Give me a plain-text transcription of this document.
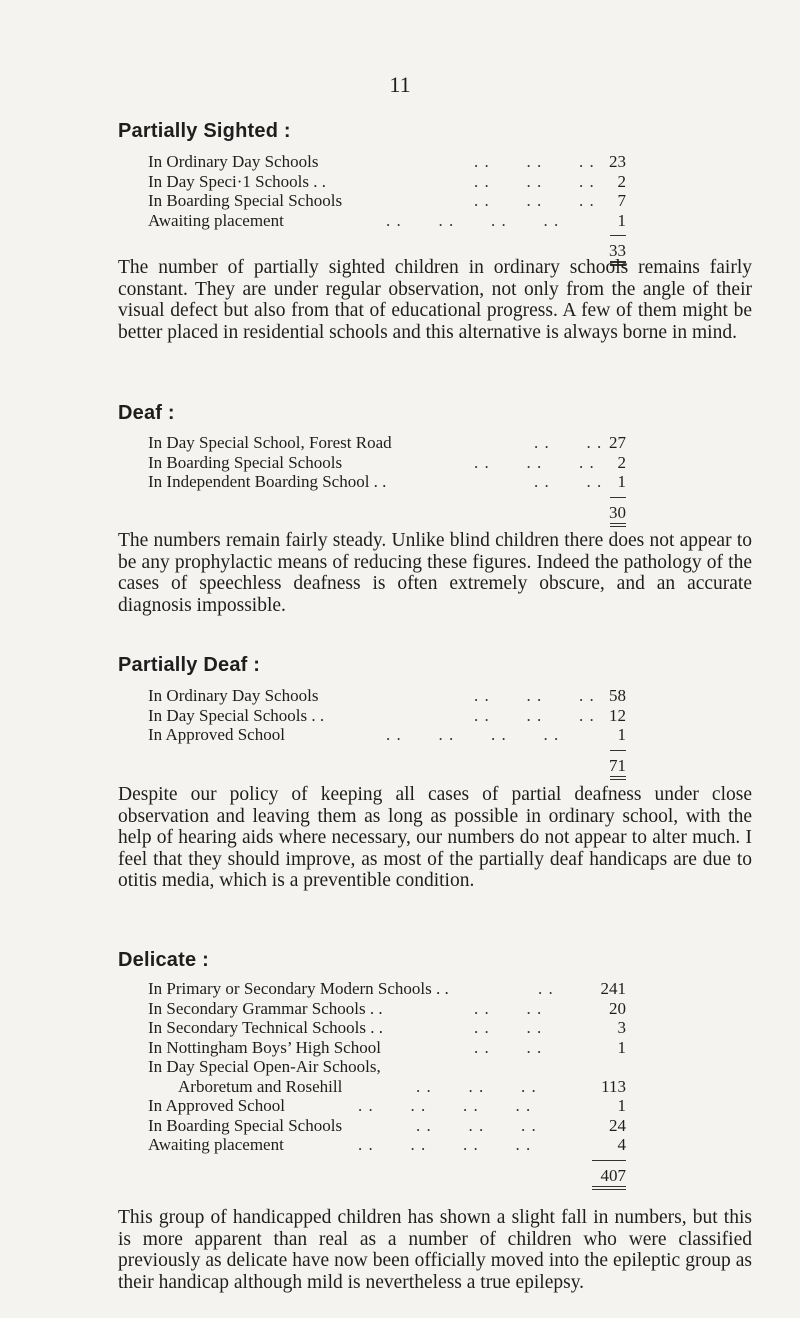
11
Partially Sighted :
In Ordinary Day Schools	. .       . .       . . 23
In Day Speci·1 Schools . .	. .       . .       . . 2
In Boarding Special Schools	. .       . .       . . 7
Awaiting placement	. .       . .       . .       . .	1
33

The number of partially sighted children in ordinary schools remains fairly constant. They are under regular observation, not only from the angle of their visual defect but also from that of educational progress. A few of them might be better placed in residential schools and this alternative is always borne in mind.

Deaf :
In Day Special School, Forest Road	. .       . . 27
In Boarding Special Schools	. .       . .       . . 2
In Independent Boarding School . .	. .       . . 1
30

The numbers remain fairly steady. Unlike blind children there does not appear to be any prophylactic means of reducing these figures. Indeed the pathology of the cases of speechless deafness is often extremely obscure, and an accurate diagnosis impossible.

Partially Deaf :
In Ordinary Day Schools	. .       . .       . . 58
In Day Special Schools . .	. .       . .       . . 12
In Approved School	. .       . .       . .       . .	1
71

Despite our policy of keeping all cases of partial deafness under close observation and leaving them as long as possible in ordinary school, with the help of hearing aids where necessary, our numbers do not appear to alter much. I feel that they should improve, as most of the partially deaf handicaps are due to otitis media, which is a preventible condition.

Delicate :
In Primary or Secondary Modern Schools . .	. .	241
In Secondary Grammar Schools . .	. .       . .	20
In Secondary Technical Schools . .	. .       . .	3
In Nottingham Boys’ High School	. .       . .	1
In Day Special Open-Air Schools,
Arboretum and Rosehill	. .       . .       . .	113
In Approved School	. .       . .       . .       . .	1
In Boarding Special Schools	. .       . .       . .	24
Awaiting placement	. .       . .       . .       . .	4
407

This group of handicapped children has shown a slight fall in numbers, but this is more apparent than real as a number of children who were classified previously as delicate have now been officially moved into the epileptic group as their handicap although mild is nevertheless a true epilepsy.
